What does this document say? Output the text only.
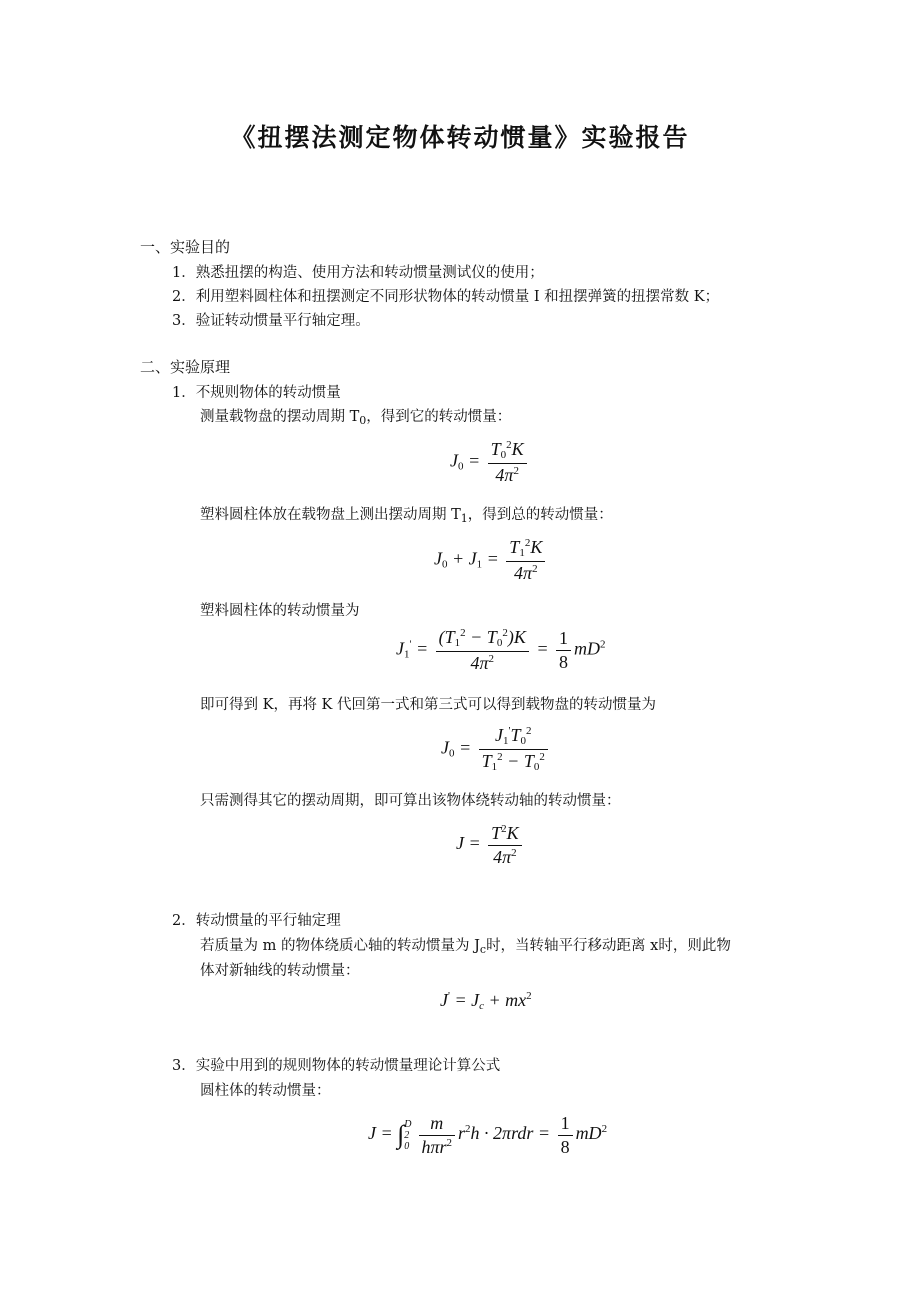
《扭摆法测定物体转动惯量》实验报告
一、实验目的
1．熟悉扭摆的构造、使用方法和转动惯量测试仪的使用；
2．利用塑料圆柱体和扭摆测定不同形状物体的转动惯量 I 和扭摆弹簧的扭摆常数 K；
3．验证转动惯量平行轴定理。
二、实验原理
1．不规则物体的转动惯量
测量载物盘的摆动周期 $T_0$，得到它的转动惯量：
$J_0 = \frac{T_0^2K}{4\pi^2}$
塑料圆柱体放在载物盘上测出摆动周期 $T_1$，得到总的转动惯量：
$J_0 + J_1 = \frac{T_1^2K}{4\pi^2}$
塑料圆柱体的转动惯量为
$J_1' = \frac{(T_1^2 - T_0^2)K}{4\pi^2} = \frac{1}{8} mD^2$
即可得到 K，再将 K 代回第一式和第三式可以得到载物盘的转动惯量为
$J_0 = \frac{J_1'T_0^2}{T_1^2 - T_0^2}$
只需测得其它的摆动周期，即可算出该物体绕转动轴的转动惯量：
$J = \frac{T^2K}{4\pi^2}$
2．转动惯量的平行轴定理
若质量为 m 的物体绕质心轴的转动惯量为 $J_c$时，当转轴平行移动距离 x时，则此物
体对新轴线的转动惯量：
$J' = J_c + mx^2$
3．实验中用到的规则物体的转动惯量理论计算公式
圆柱体的转动惯量：
J = ∫ D
2
$0 \frac{m}{h\pi r^2} r^2h \cdot 2\pi rdr = \frac{1}{8} mD^2$
